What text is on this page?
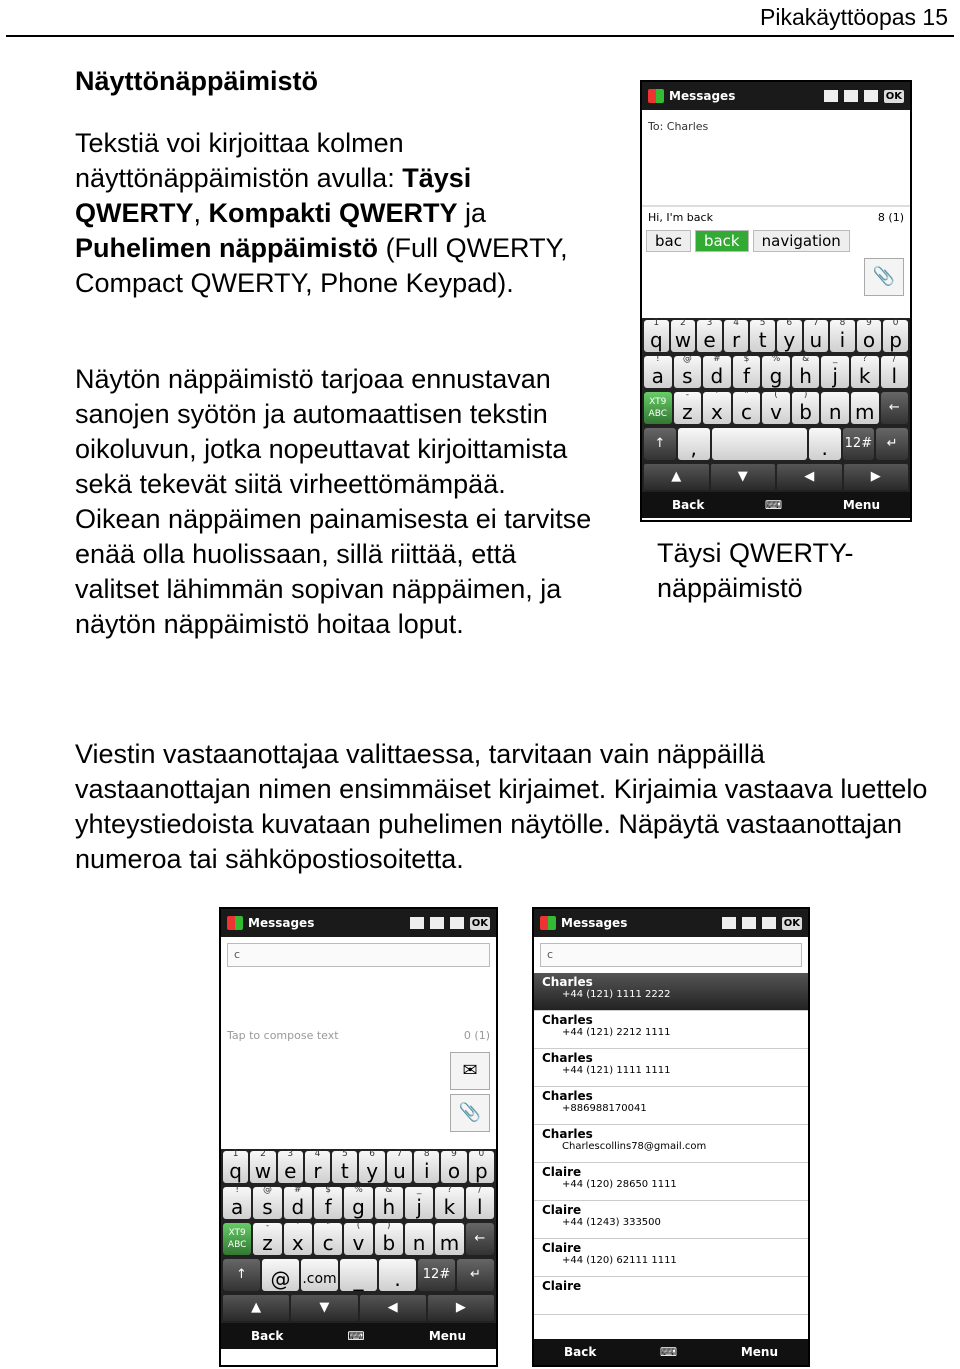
Pikakäyttöopas 15
Näyttönäppäimistö
Tekstiä voi kirjoittaa kolmen näyttönäppäimistön avulla: Täysi QWERTY, Kompakti QWERTY ja Puhelimen näppäimistö (Full QWERTY, Compact QWERTY, Phone Keypad).
Näytön näppäimistö tarjoaa ennustavan sanojen syötön ja automaattisen tekstin oikoluvun, jotka nopeuttavat kirjoittamista sekä tekevät siitä virheettömämpää. Oikean näppäimen painamisesta ei tarvitse enää olla huolissaan, sillä riittää, että valitset lähimmän sopivan näppäimen, ja näytön näppäimistö hoitaa loput.
Täysi QWERTY-näppäimistö
Viestin vastaanottajaa valittaessa, tarvitaan vain näppäillä vastaanottajan nimen ensimmäiset kirjaimet. Kirjaimia vastaava luettelo yhteystiedoista kuvataan puhelimen näytölle. Näpäytä vastaanottajan numeroa tai sähköpostiosoitetta.
Messages	OK
To: Charles
Hi, I'm back	8 (1)
bac	back	navigation
📎
1
q
2
w
3
e
4
r
5
t
6
y
7
u
8
i
9
o
0
p
!
a
@
s
#
d
$
f
%
g
&
h
_
j
?
k
/
l
XT9 ABC
-
z
'
x
"
c
(
v
)
b n m	←
↑	,	.	12#	↵
▲	▼	◀	▶
Back	⌨	Menu
Messages	OK
c
Tap to compose text	0 (1)
✉
📎
1
q
2
w
3
e
4
r
5
t
6
y
7
u
8
i
9
o
0
p
!
a
@
s
#
d
$
f
%
g
&
h
_
j
?
k
/
l
XT9 ABC
-
z
'
x
"
c
(
v
)
b n m	←
↑	@ .com _	.	12#	↵
▲	▼	◀	▶
Back	⌨	Menu
Messages	OK
c
Charles
+44 (121) 1111 2222
Charles
+44 (121) 2212 1111
Charles
+44 (121) 1111 1111
Charles
+886988170041
Charles
Charlescollins78@gmail.com
Claire
+44 (120) 28650 1111
Claire
+44 (1243) 333500
Claire
+44 (120) 62111 1111
Claire
Back	⌨	Menu
